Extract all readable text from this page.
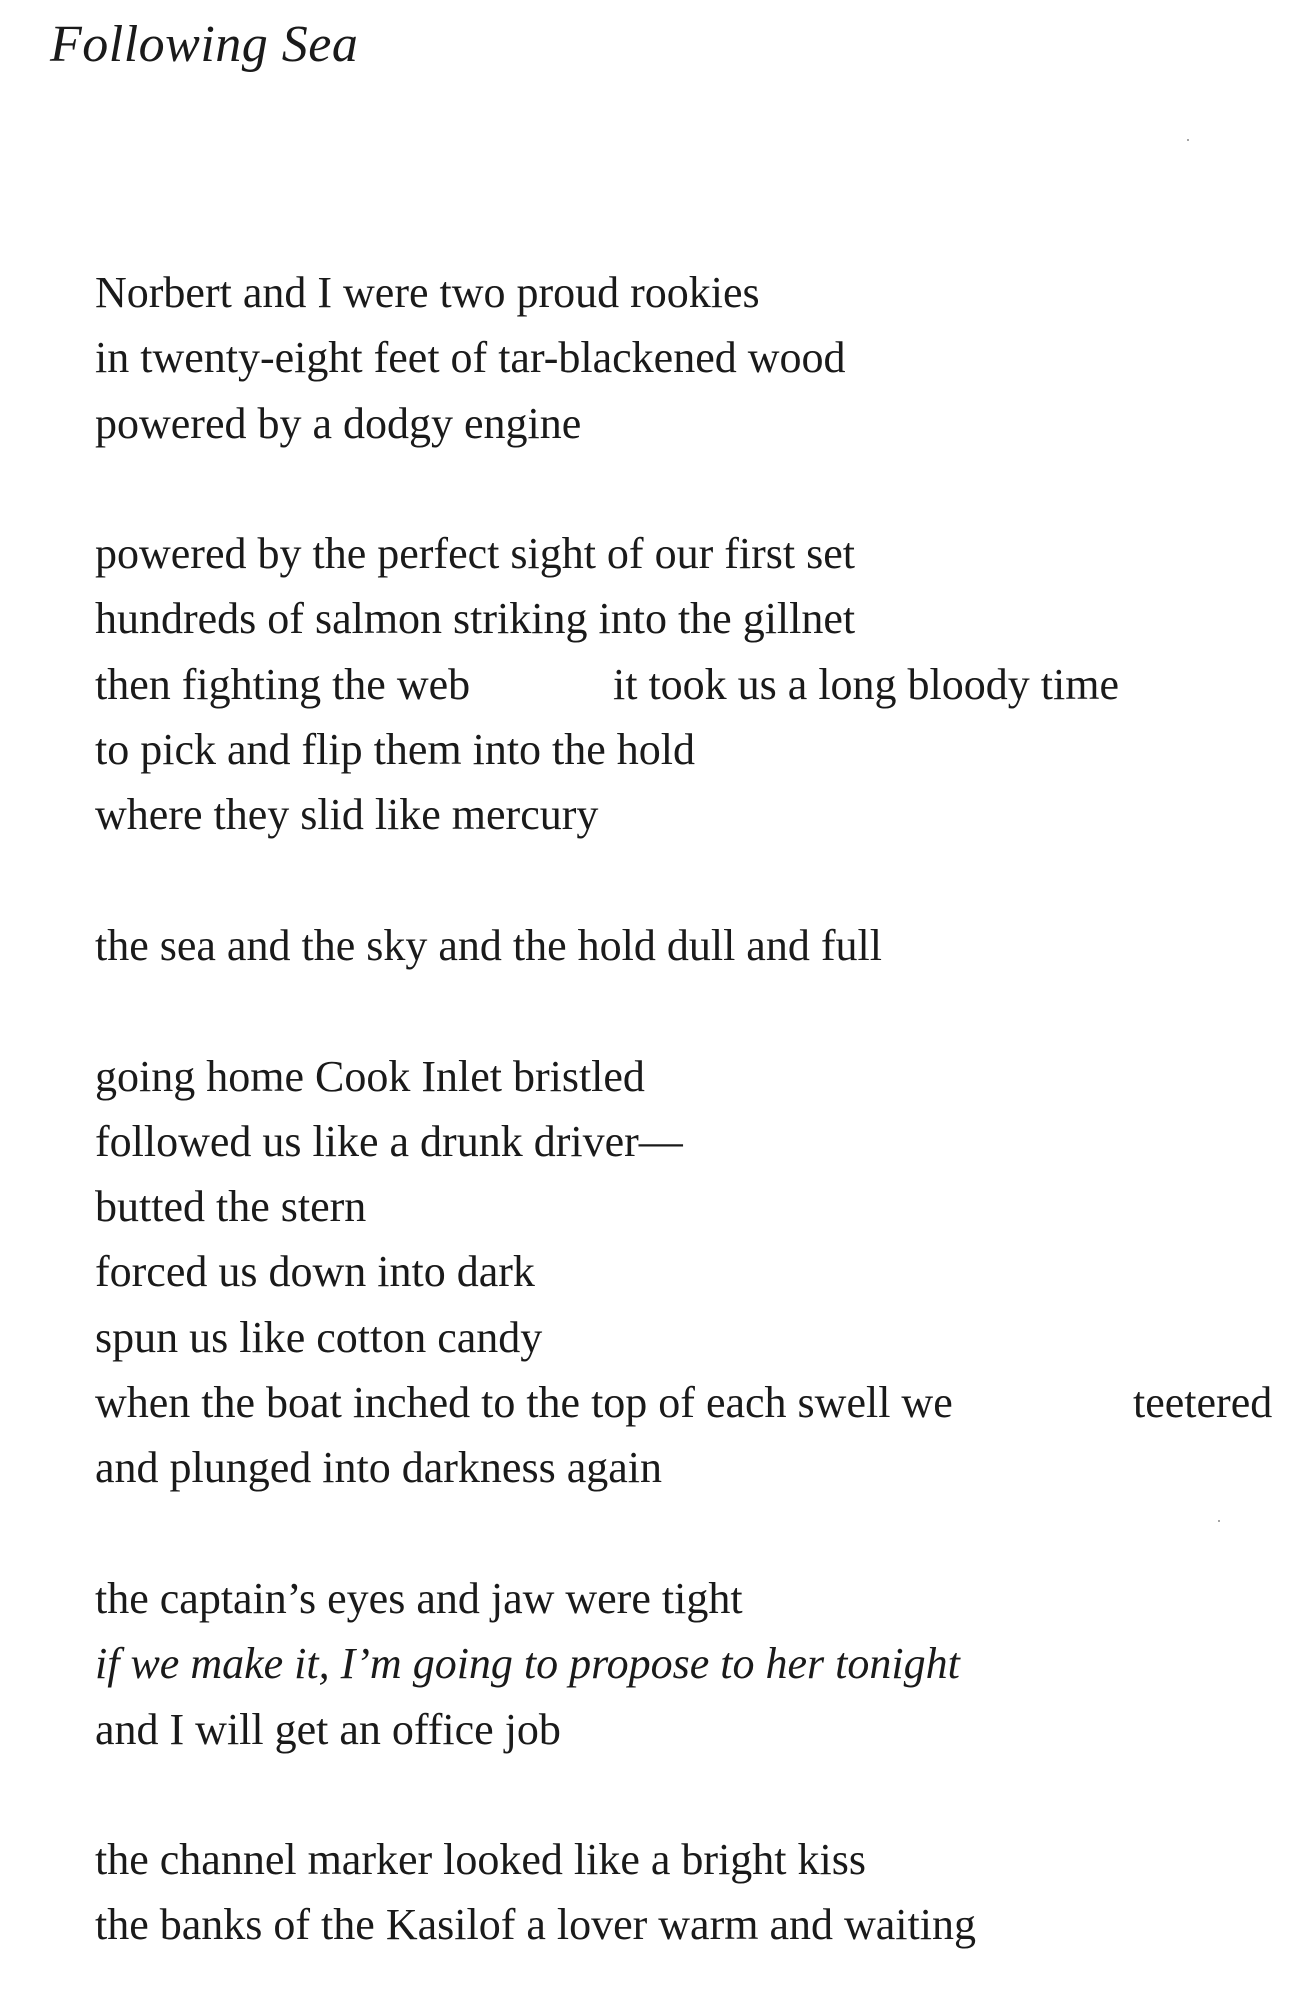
Following Sea
Norbert and I were two proud rookies
in twenty-eight feet of tar-blackened wood
powered by a dodgy engine
powered by the perfect sight of our first set
hundreds of salmon striking into the gillnet
then fighting the web	it took us a long bloody time
to pick and flip them into the hold
where they slid like mercury
the sea and the sky and the hold dull and full
going home Cook Inlet bristled
followed us like a drunk driver—
butted the stern
forced us down into dark
spun us like cotton candy
when the boat inched to the top of each swell we	teetered
and plunged into darkness again
the captain’s eyes and jaw were tight
if we make it, I’m going to propose to her tonight
and I will get an office job
the channel marker looked like a bright kiss
the banks of the Kasilof a lover warm and waiting
